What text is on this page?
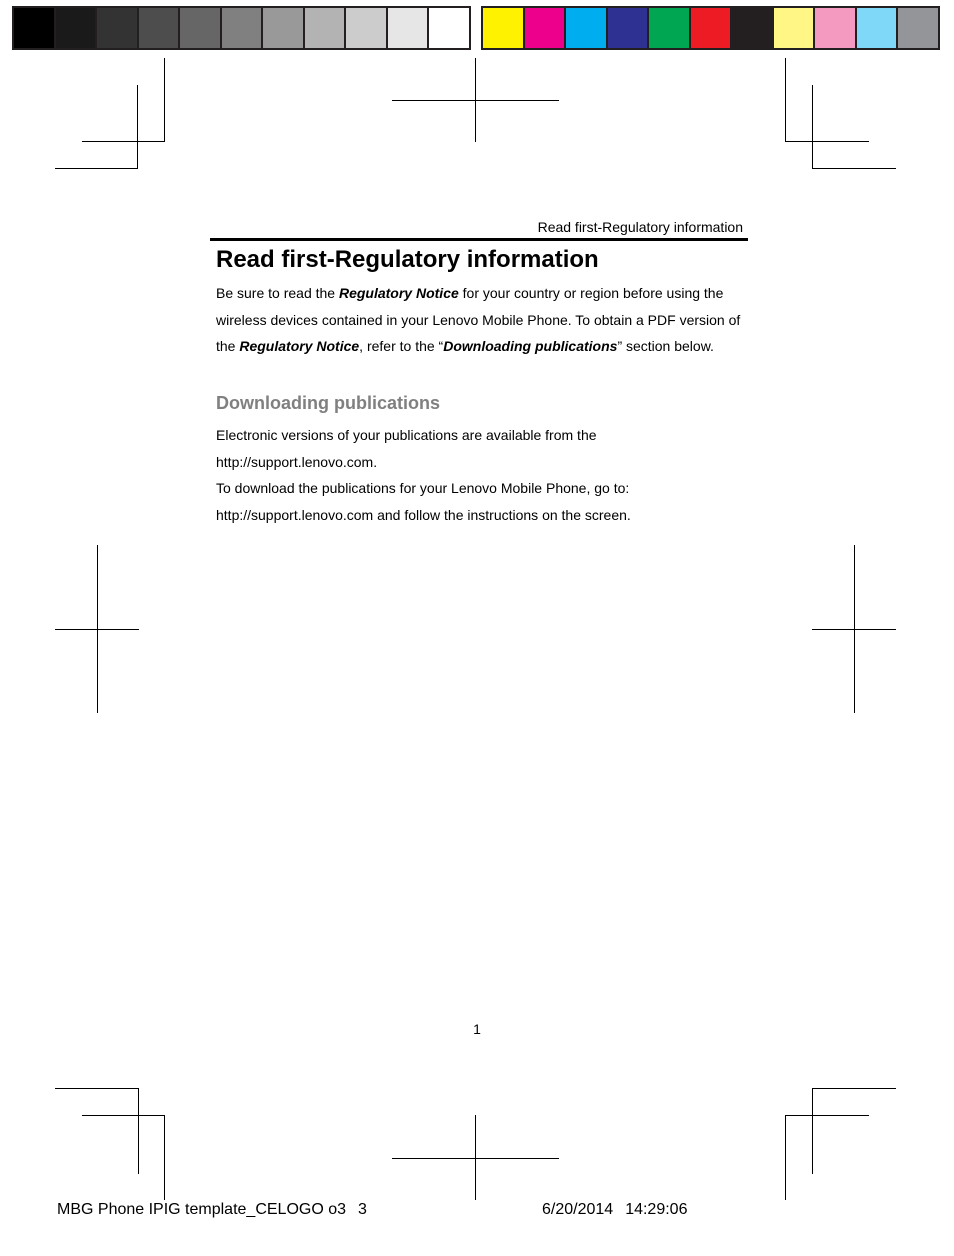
Read first-Regulatory information
Read first-Regulatory information

Be sure to read the Regulatory Notice for your country or region before using the wireless devices contained in your Lenovo Mobile Phone. To obtain a PDF version of the Regulatory Notice, refer to the “Downloading publications” section below.

Downloading publications
Electronic versions of your publications are available from the http://support.lenovo.com.
To download the publications for your Lenovo Mobile Phone, go to: http://support.lenovo.com and follow the instructions on the screen.
1
MBG Phone IPIG template_CELOGO o3 3	6/20/2014 14:29:06
